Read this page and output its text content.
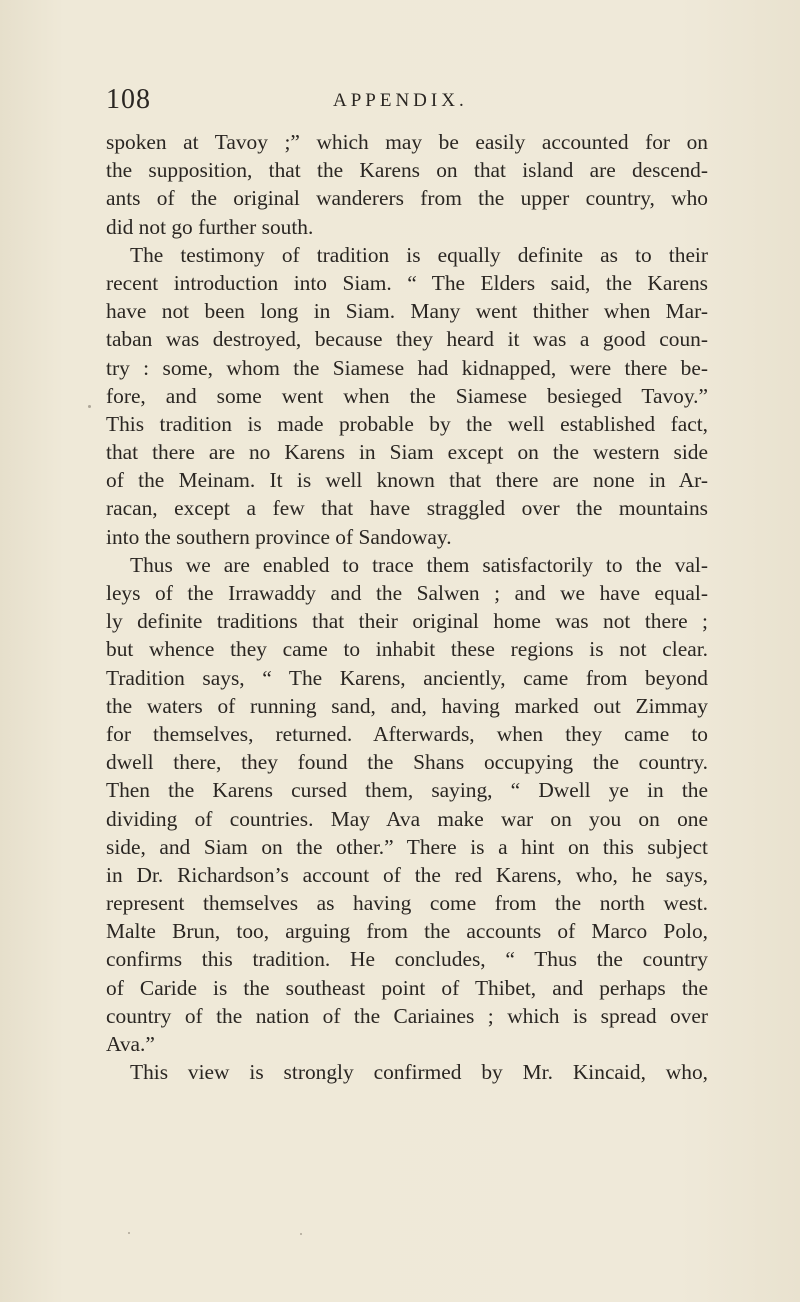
108	APPENDIX.
spoken at Tavoy ;” which may be easily accounted for on
the supposition, that the Karens on that island are descend-
ants of the original wanderers from the upper country, who
did not go further south.
The testimony of tradition is equally definite as to their
recent introduction into Siam. “ The Elders said, the Karens
have not been long in Siam. Many went thither when Mar-
taban was destroyed, because they heard it was a good coun-
try : some, whom the Siamese had kidnapped, were there be-
fore, and some went when the Siamese besieged Tavoy.”
This tradition is made probable by the well established fact,
that there are no Karens in Siam except on the western side
of the Meinam. It is well known that there are none in Ar-
racan, except a few that have straggled over the mountains
into the southern province of Sandoway.
Thus we are enabled to trace them satisfactorily to the val-
leys of the Irrawaddy and the Salwen ; and we have equal-
ly definite traditions that their original home was not there ;
but whence they came to inhabit these regions is not clear.
Tradition says, “ The Karens, anciently, came from beyond
the waters of running sand, and, having marked out Zimmay
for themselves, returned. Afterwards, when they came to
dwell there, they found the Shans occupying the country.
Then the Karens cursed them, saying, “ Dwell ye in the
dividing of countries. May Ava make war on you on one
side, and Siam on the other.” There is a hint on this subject
in Dr. Richardson’s account of the red Karens, who, he says,
represent themselves as having come from the north west.
Malte Brun, too, arguing from the accounts of Marco Polo,
confirms this tradition. He concludes, “ Thus the country
of Caride is the southeast point of Thibet, and perhaps the
country of the nation of the Cariaines ; which is spread over
Ava.”
This view is strongly confirmed by Mr. Kincaid, who,
